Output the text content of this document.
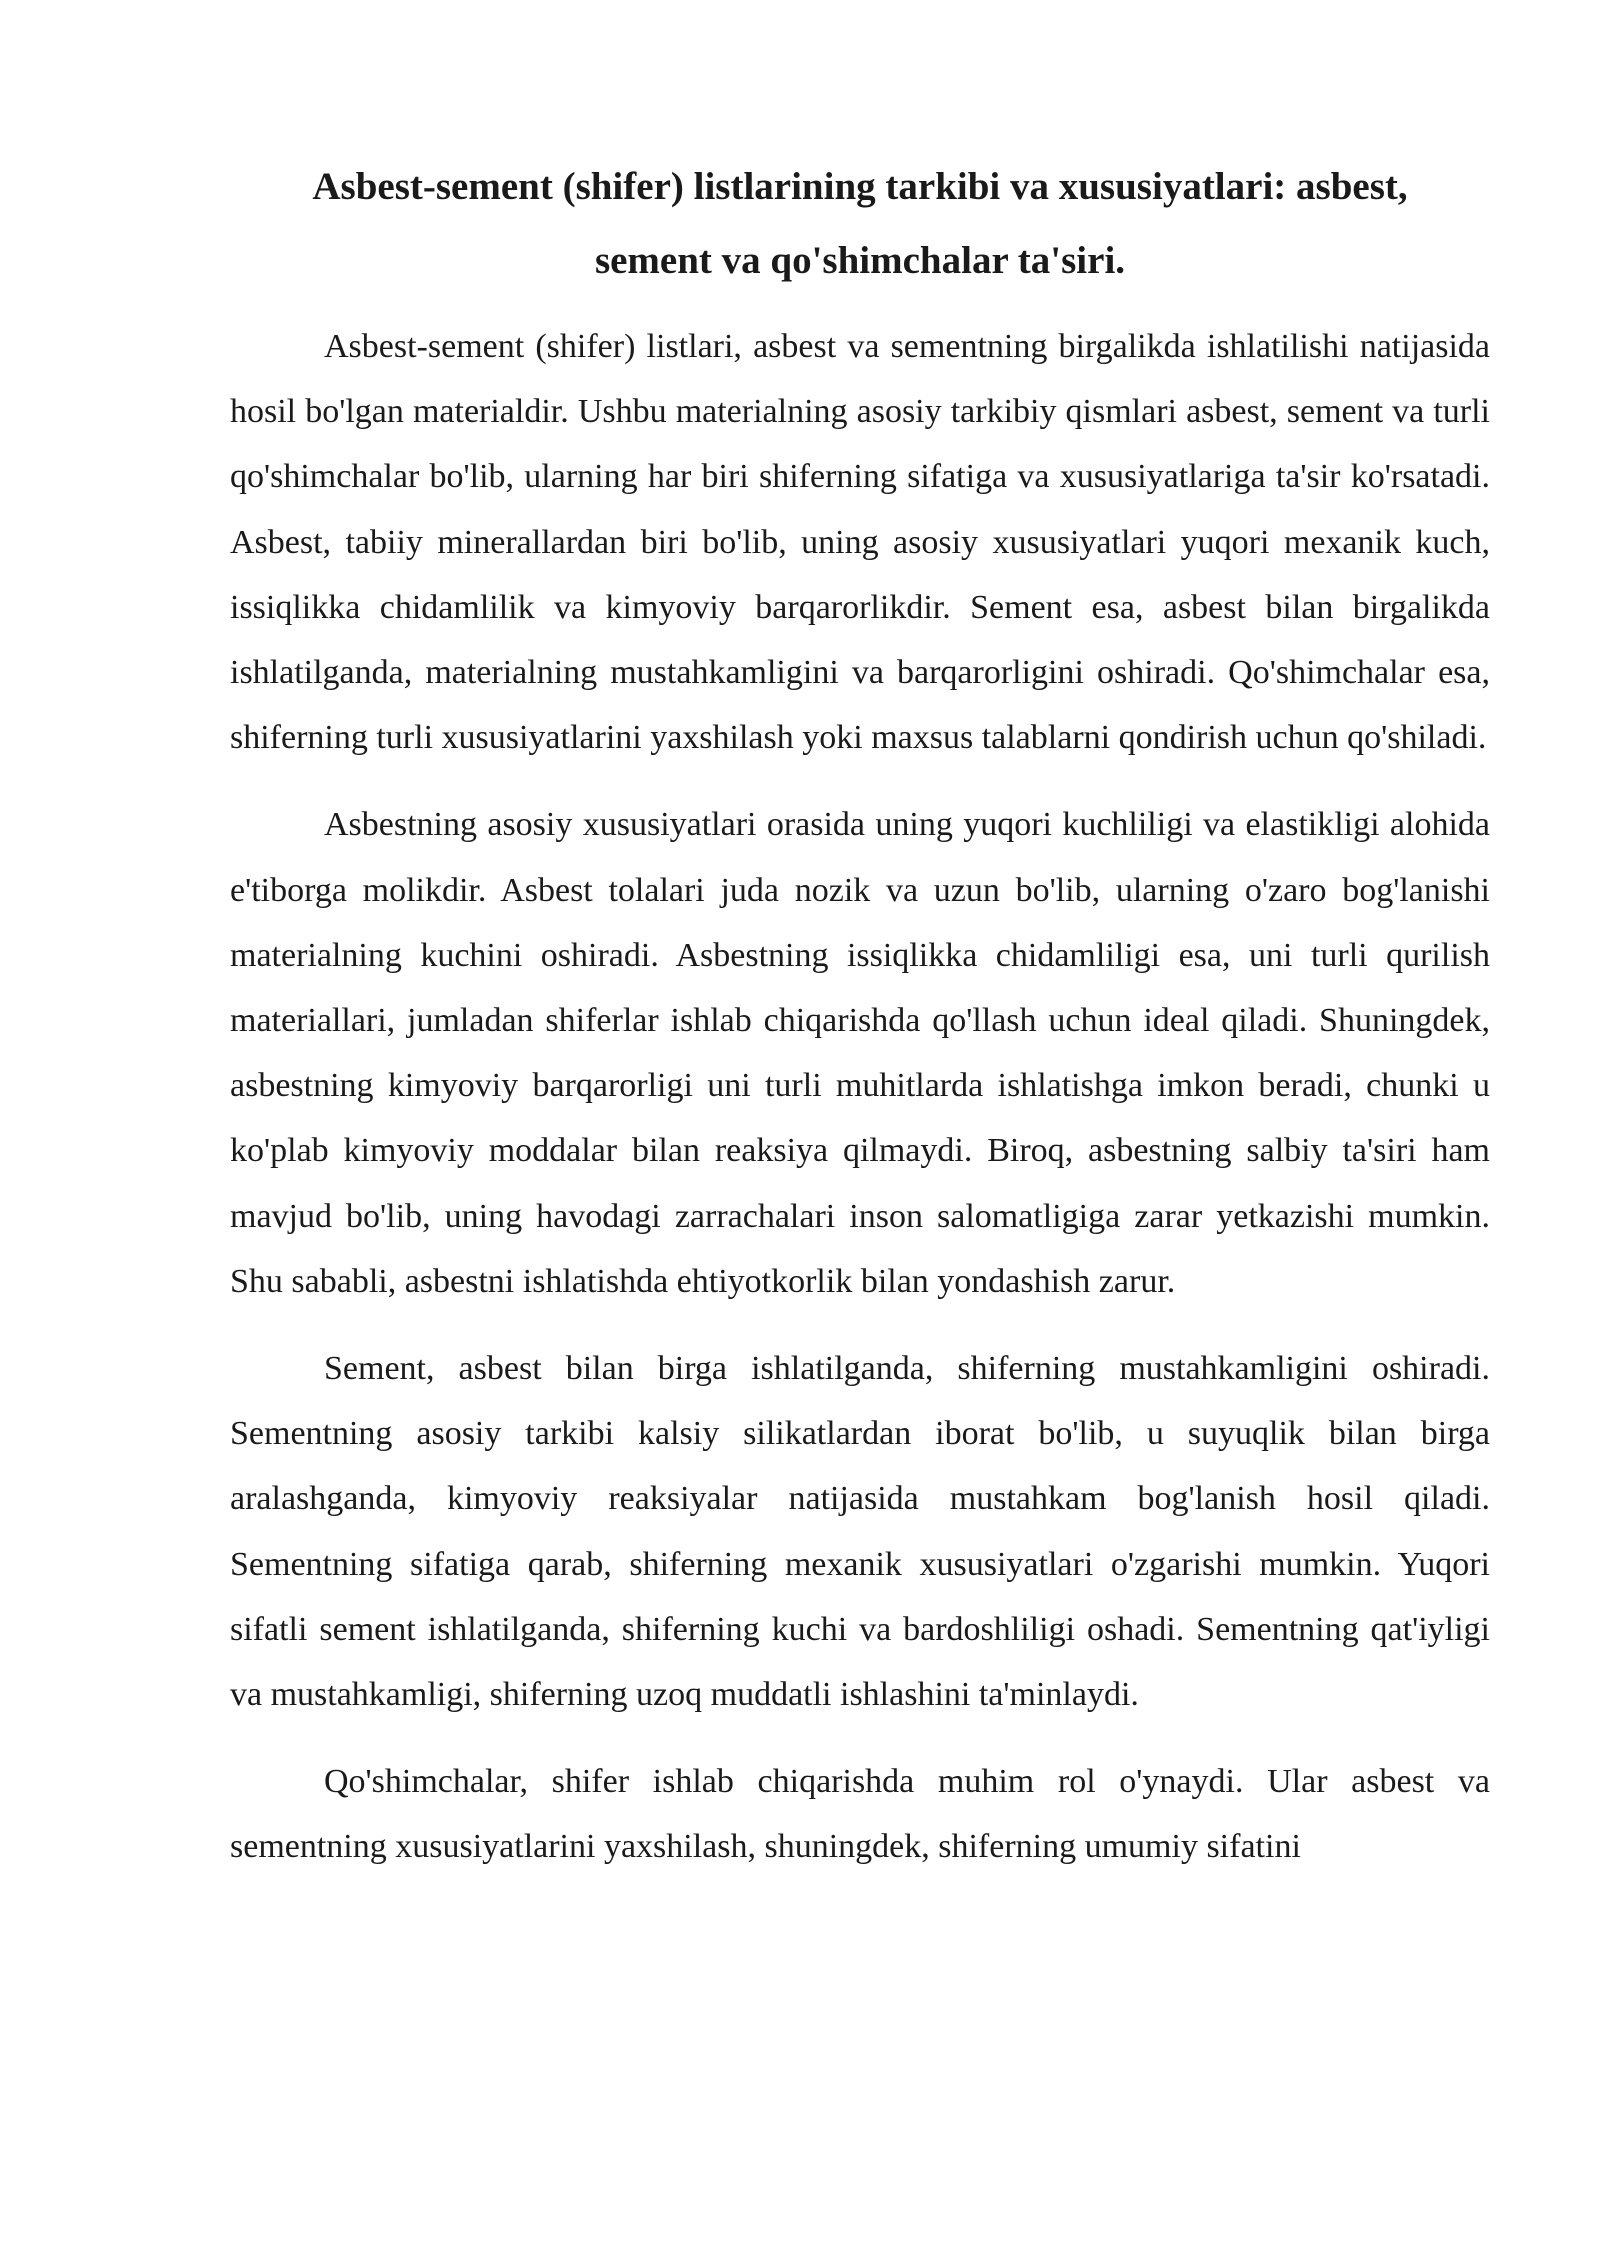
Asbest-sement (shifer) listlarining tarkibi va xususiyatlari: asbest,
sement va qo'shimchalar ta'siri.

Asbest-sement (shifer) listlari, asbest va sementning birgalikda ishlatilishi natijasida hosil bo'lgan materialdir. Ushbu materialning asosiy tarkibiy qismlari asbest, sement va turli qo'shimchalar bo'lib, ularning har biri shiferning sifatiga va xususiyatlariga ta'sir ko'rsatadi. Asbest, tabiiy minerallardan biri bo'lib, uning asosiy xususiyatlari yuqori mexanik kuch, issiqlikka chidamlilik va kimyoviy barqarorlikdir. Sement esa, asbest bilan birgalikda ishlatilganda, materialning mustahkamligini va barqarorligini oshiradi. Qo'shimchalar esa, shiferning turli xususiyatlarini yaxshilash yoki maxsus talablarni qondirish uchun qo'shiladi.

Asbestning asosiy xususiyatlari orasida uning yuqori kuchliligi va elastikligi alohida e'tiborga molikdir. Asbest tolalari juda nozik va uzun bo'lib, ularning o'zaro bog'lanishi materialning kuchini oshiradi. Asbestning issiqlikka chidamliligi esa, uni turli qurilish materiallari, jumladan shiferlar ishlab chiqarishda qo'llash uchun ideal qiladi. Shuningdek, asbestning kimyoviy barqarorligi uni turli muhitlarda ishlatishga imkon beradi, chunki u ko'plab kimyoviy moddalar bilan reaksiya qilmaydi. Biroq, asbestning salbiy ta'siri ham mavjud bo'lib, uning havodagi zarrachalari inson salomatligiga zarar yetkazishi mumkin. Shu sababli, asbestni ishlatishda ehtiyotkorlik bilan yondashish zarur.

Sement, asbest bilan birga ishlatilganda, shiferning mustahkamligini oshiradi. Sementning asosiy tarkibi kalsiy silikatlardan iborat bo'lib, u suyuqlik bilan birga aralashganda, kimyoviy reaksiyalar natijasida mustahkam bog'lanish hosil qiladi. Sementning sifatiga qarab, shiferning mexanik xususiyatlari o'zgarishi mumkin. Yuqori sifatli sement ishlatilganda, shiferning kuchi va bardoshliligi oshadi. Sementning qat'iyligi va mustahkamligi, shiferning uzoq muddatli ishlashini ta'minlaydi.

Qo'shimchalar, shifer ishlab chiqarishda muhim rol o'ynaydi. Ular asbest va sementning xususiyatlarini yaxshilash, shuningdek, shiferning umumiy sifatini
